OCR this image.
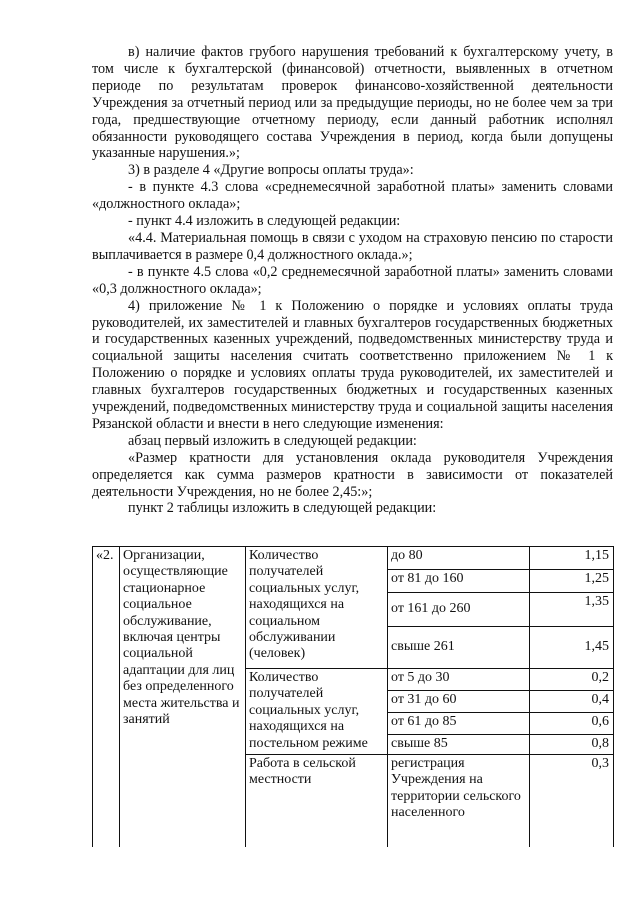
в) наличие фактов грубого нарушения требований к бухгалтерскому учету, в том числе к бухгалтерской (финансовой) отчетности, выявленных в отчетном периоде по результатам проверок финансово-хозяйственной деятельности Учреждения за отчетный период или за предыдущие периоды, но не более чем за три года, предшествующие отчетному периоду, если данный работник исполнял обязанности руководящего состава Учреждения в период, когда были допущены указанные нарушения.»;

3) в разделе 4 «Другие вопросы оплаты труда»:

- в пункте 4.3 слова «среднемесячной заработной платы» заменить словами «должностного оклада»;

- пункт 4.4 изложить в следующей редакции:

«4.4. Материальная помощь в связи с уходом на страховую пенсию по старости выплачивается в размере 0,4 должностного оклада.»;

- в пункте 4.5 слова «0,2 среднемесячной заработной платы» заменить словами «0,3 должностного оклада»;

4) приложение № 1 к Положению о порядке и условиях оплаты труда руководителей, их заместителей и главных бухгалтеров государственных бюджетных и государственных казенных учреждений, подведомственных министерству труда и социальной защиты населения считать соответственно приложением № 1 к Положению о порядке и условиях оплаты труда руководителей, их заместителей и главных бухгалтеров государственных бюджетных и государственных казенных учреждений, подведомственных министерству труда и социальной защиты населения Рязанской области и внести в него следующие изменения:

абзац первый изложить в следующей редакции:

«Размер кратности для установления оклада руководителя Учреждения определяется как сумма размеров кратности в зависимости от показателей деятельности Учреждения, но не более 2,45:»;

пункт 2 таблицы изложить в следующей редакции:

«2.	Организации, осуществляющие стационарное социальное обслуживание, включая центры социальной адаптации для лиц без определенного места жительства и занятий	Количество получателей социальных услуг, находящихся на социальном обслуживании (человек)	до 80	1,15
			от 81 до 160	1,25
			от 161 до 260	1,35
			свыше 261	1,45
		Количество получателей социальных услуг, находящихся на постельном режиме	от 5 до 30	0,2
			от 31 до 60	0,4
			от 61 до 85	0,6
			свыше 85	0,8

		Работа в сельской местности	регистрация Учреждения на территории сельского населенного	0,3
